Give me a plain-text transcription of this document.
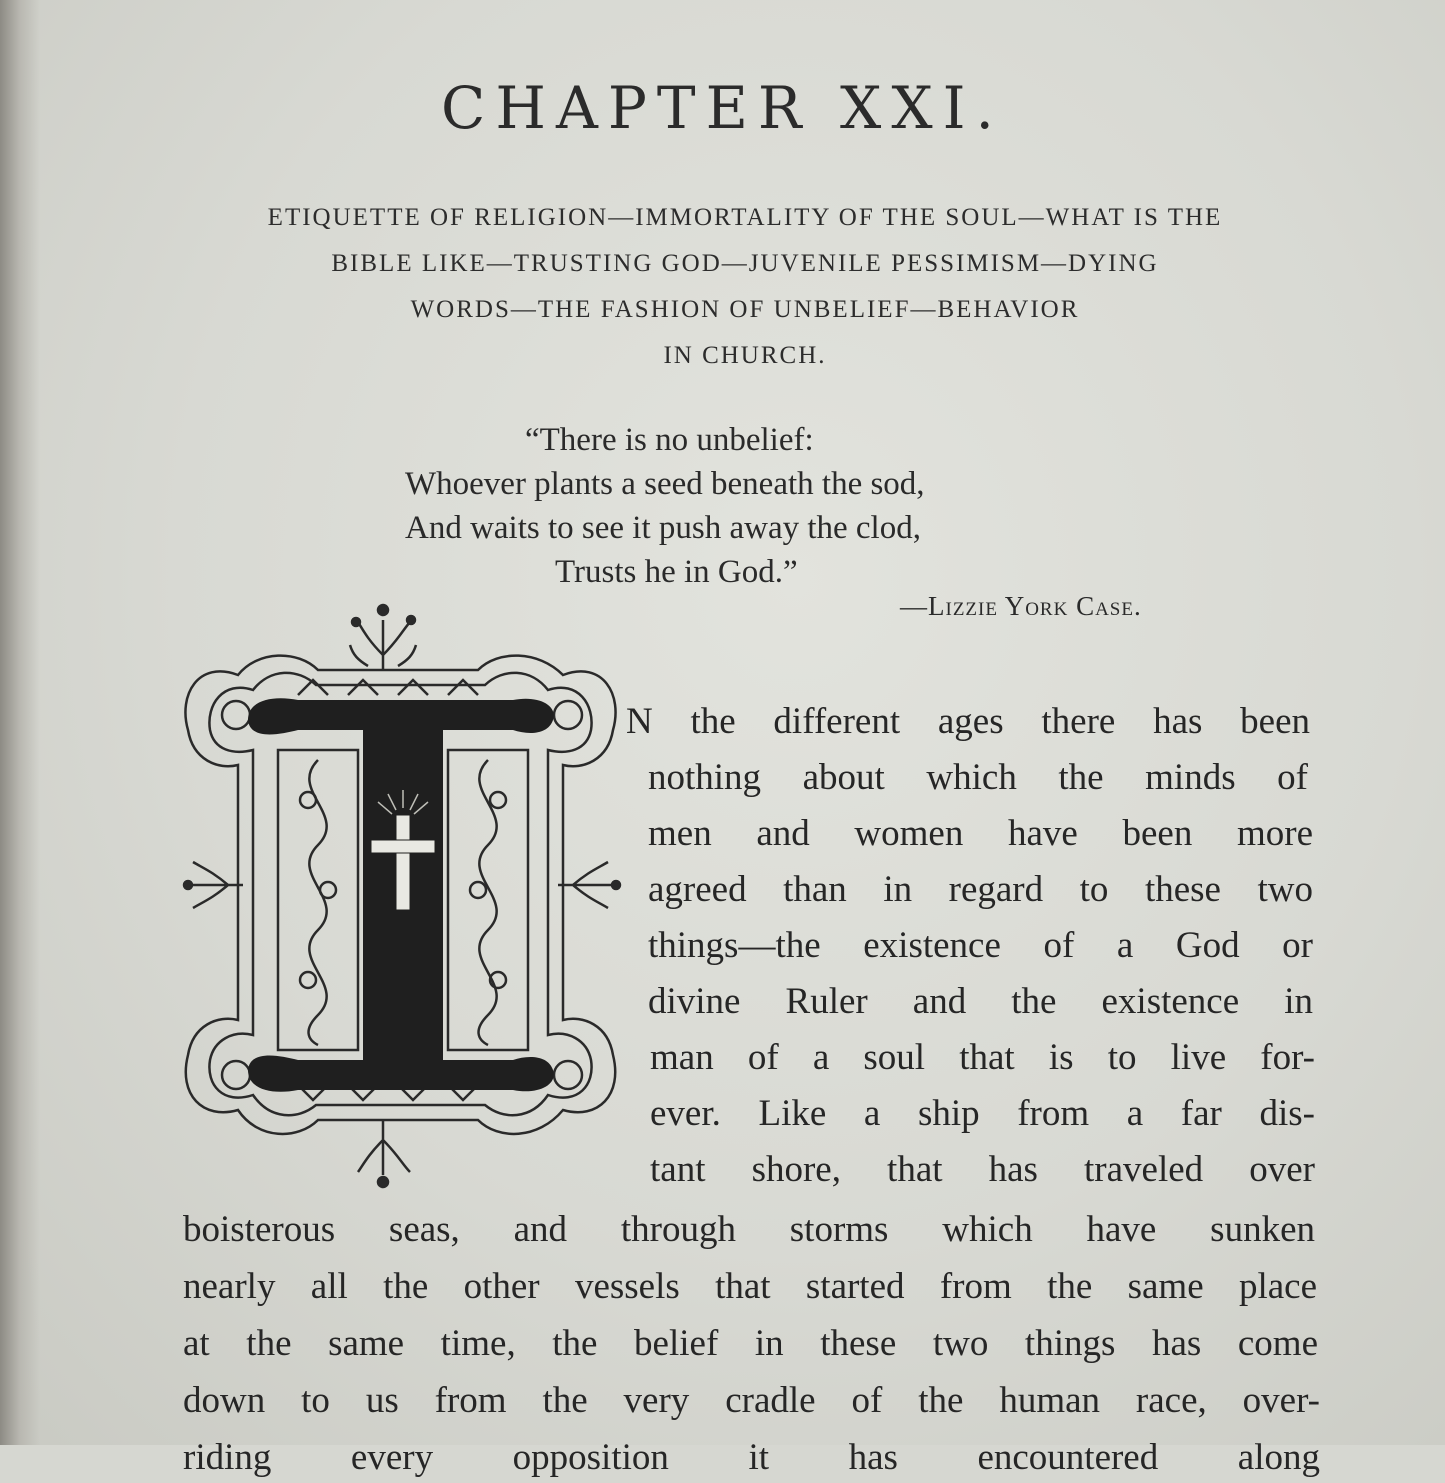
CHAPTER XXI.
ETIQUETTE OF RELIGION—IMMORTALITY OF THE SOUL—WHAT IS THE
BIBLE LIKE—TRUSTING GOD—JUVENILE PESSIMISM—DYING
WORDS—THE FASHION OF UNBELIEF—BEHAVIOR
IN CHURCH.
“There is no unbelief:
Whoever plants a seed beneath the sod,
And waits to see it push away the clod,
Trusts he in God.”
—Lizzie York Case.
N the different ages there has been
nothing about which the minds of
men and women have been more
agreed than in regard to these two
things—the existence of a God or
divine Ruler and the existence in
man of a soul that is to live for-
ever. Like a ship from a far dis-
tant shore, that has traveled over
boisterous seas, and through storms which have sunken
nearly all the other vessels that started from the same place
at the same time, the belief in these two things has come
down to us from the very cradle of the human race, over-
riding every opposition it has encountered along
